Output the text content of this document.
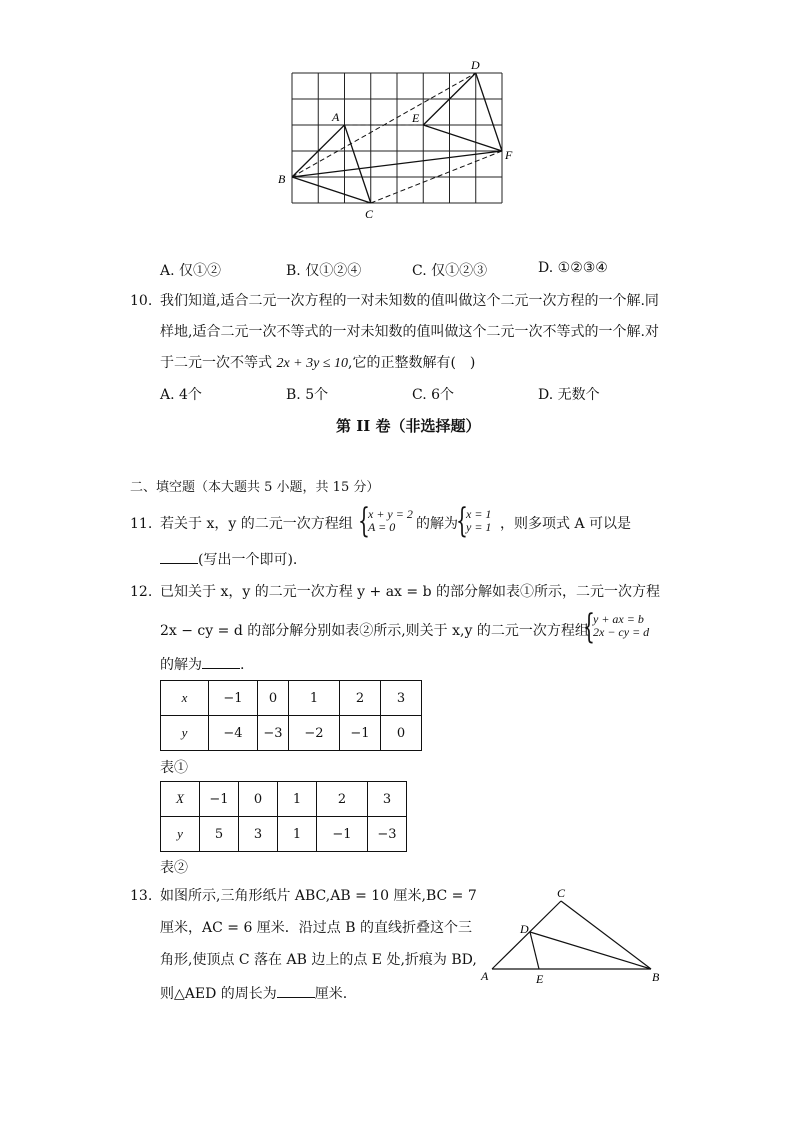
A
B
C
D
E
F
A. 仅①②	B. 仅①②④	C. 仅①②③	D. ①②③④
10. 我们知道,适合二元一次方程的一对未知数的值叫做这个二元一次方程的一个解.同
样地,适合二元一次不等式的一对未知数的值叫做这个二元一次不等式的一个解.对
于二元一次不等式 2x + 3y ≤ 10,它的正整数解有(　)
A. 4个	B. 5个	C. 6个	D. 无数个
第 II 卷（非选择题）
二、填空题（本大题共 5 小题，共 15 分）
11. 若关于 x，y 的二元一次方程组 {
x + y = 2
A = 0	的解为
{
x = 1
y = 1 ，则多项式 A 可以是
(写出一个即可).
12. 已知关于 x，y 的二元一次方程 y + ax = b 的部分解如表①所示，二元一次方程
2x − cy = d 的部分解分别如表②所示,则关于 x,y 的二元一次方程组
{
y + ax = b
2x − cy = d
的解为	.
x	−1	0	1	2	3
y	−4	−3	−2	−1	0
表①
X	−1	0	1	2	3
y	5	3	1	−1	−3
表②
13. 如图所示,三角形纸片 ABC,AB = 10 厘米,BC = 7
厘米，AC = 6 厘米．沿过点 B 的直线折叠这个三
角形,使顶点 C 落在 AB 边上的点 E 处,折痕为 BD,
则△AED 的周长为	厘米.
C
D
A	E	B
